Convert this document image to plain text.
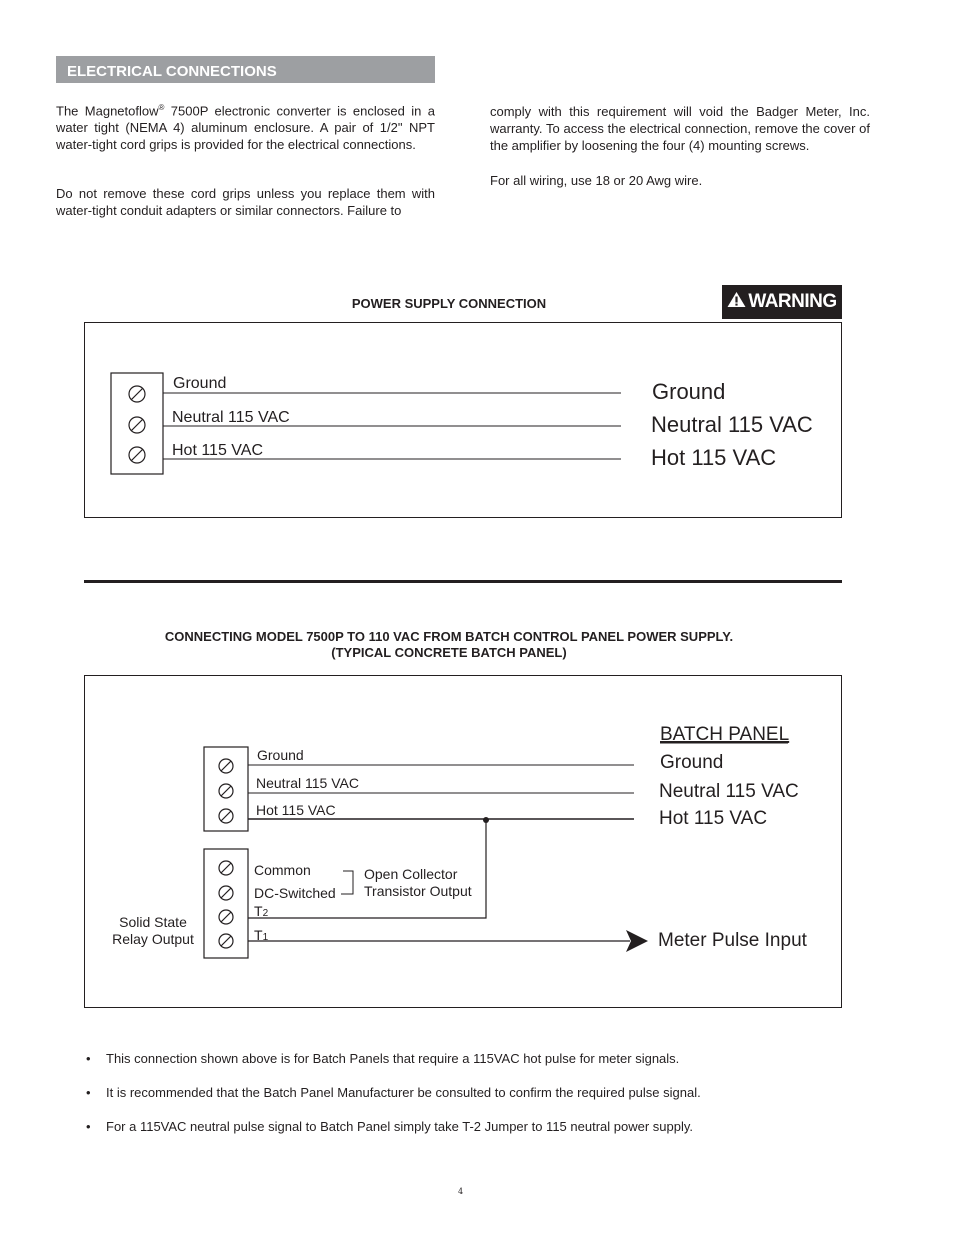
ELECTRICAL CONNECTIONS

The Magnetoflow® 7500P electronic converter is enclosed in a water tight (NEMA 4) aluminum enclosure. A pair of 1/2" NPT water-tight cord grips is provided for the electrical connections.

Do not remove these cord grips unless you replace them with water-tight conduit adapters or similar connectors. Failure to

comply with this requirement will void the Badger Meter, Inc. warranty. To access the electrical connection, remove the cover of the amplifier by loosening the four (4) mounting screws.

For all wiring, use 18 or 20 Awg wire.

POWER SUPPLY CONNECTION	WARNING
CONNECTING MODEL 7500P TO 110 VAC FROM BATCH CONTROL PANEL POWER SUPPLY.
(TYPICAL CONCRETE BATCH PANEL)
Ground
Neutral 115 VAC
Hot 115 VAC
Ground
Neutral 115 VAC
Hot 115 VAC
Ground
Neutral 115 VAC
Hot 115 VAC
Common
DC-Switched
T2
T1
Open Collector
Transistor Output
Solid State
Relay Output
BATCH PANEL
Ground
Neutral 115 VAC
Hot 115 VAC
Meter Pulse Input
• This connection shown above is for Batch Panels that require a 115VAC hot pulse for meter signals.
• It is recommended that the Batch Panel Manufacturer be consulted to confirm the required pulse signal.
• For a 115VAC neutral pulse signal to Batch Panel simply take T-2 Jumper to 115 neutral power supply.
4
